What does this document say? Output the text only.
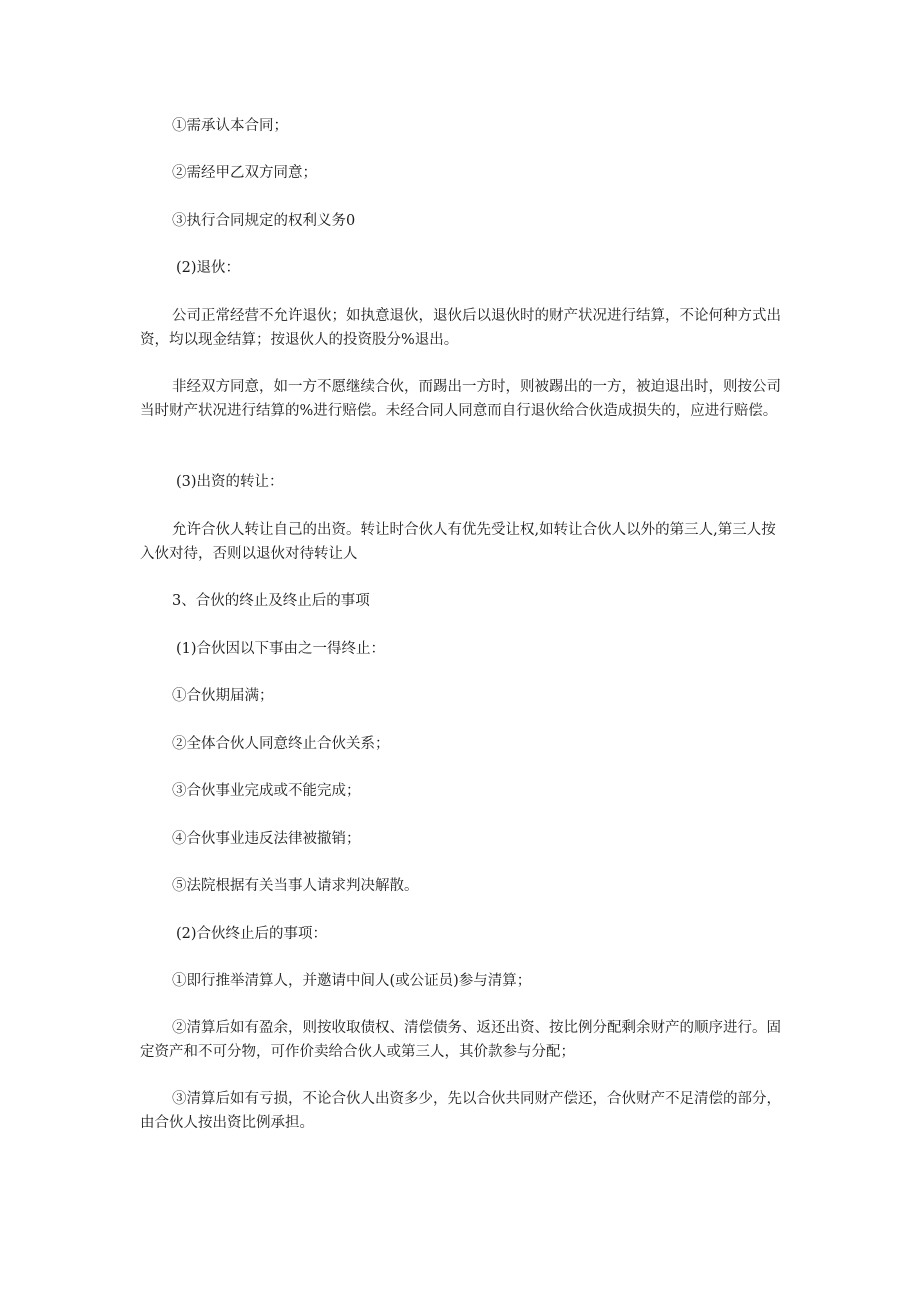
①需承认本合同；

②需经甲乙双方同意；

③执行合同规定的权利义务0

(2)退伙：

公司正常经营不允许退伙；如执意退伙，退伙后以退伙时的财产状况进行结算，不论何种方式出资，均以现金结算；按退伙人的投资股分%退出。

非经双方同意，如一方不愿继续合伙，而踢出一方时，则被踢出的一方，被迫退出时，则按公司当时财产状况进行结算的%进行赔偿。未经合同人同意而自行退伙给合伙造成损失的，应进行赔偿。

(3)出资的转让：

允许合伙人转让自己的出资。转让时合伙人有优先受让权,如转让合伙人以外的第三人,第三人按入伙对待，否则以退伙对待转让人

3、合伙的终止及终止后的事项

(1)合伙因以下事由之一得终止：

①合伙期届满；

②全体合伙人同意终止合伙关系；

③合伙事业完成或不能完成；

④合伙事业违反法律被撤销；

⑤法院根据有关当事人请求判决解散。

(2)合伙终止后的事项：

①即行推举清算人，并邀请中间人(或公证员)参与清算；

②清算后如有盈余，则按收取债权、清偿债务、返还出资、按比例分配剩余财产的顺序进行。固定资产和不可分物，可作价卖给合伙人或第三人，其价款参与分配；

③清算后如有亏损，不论合伙人出资多少，先以合伙共同财产偿还，合伙财产不足清偿的部分，由合伙人按出资比例承担。
